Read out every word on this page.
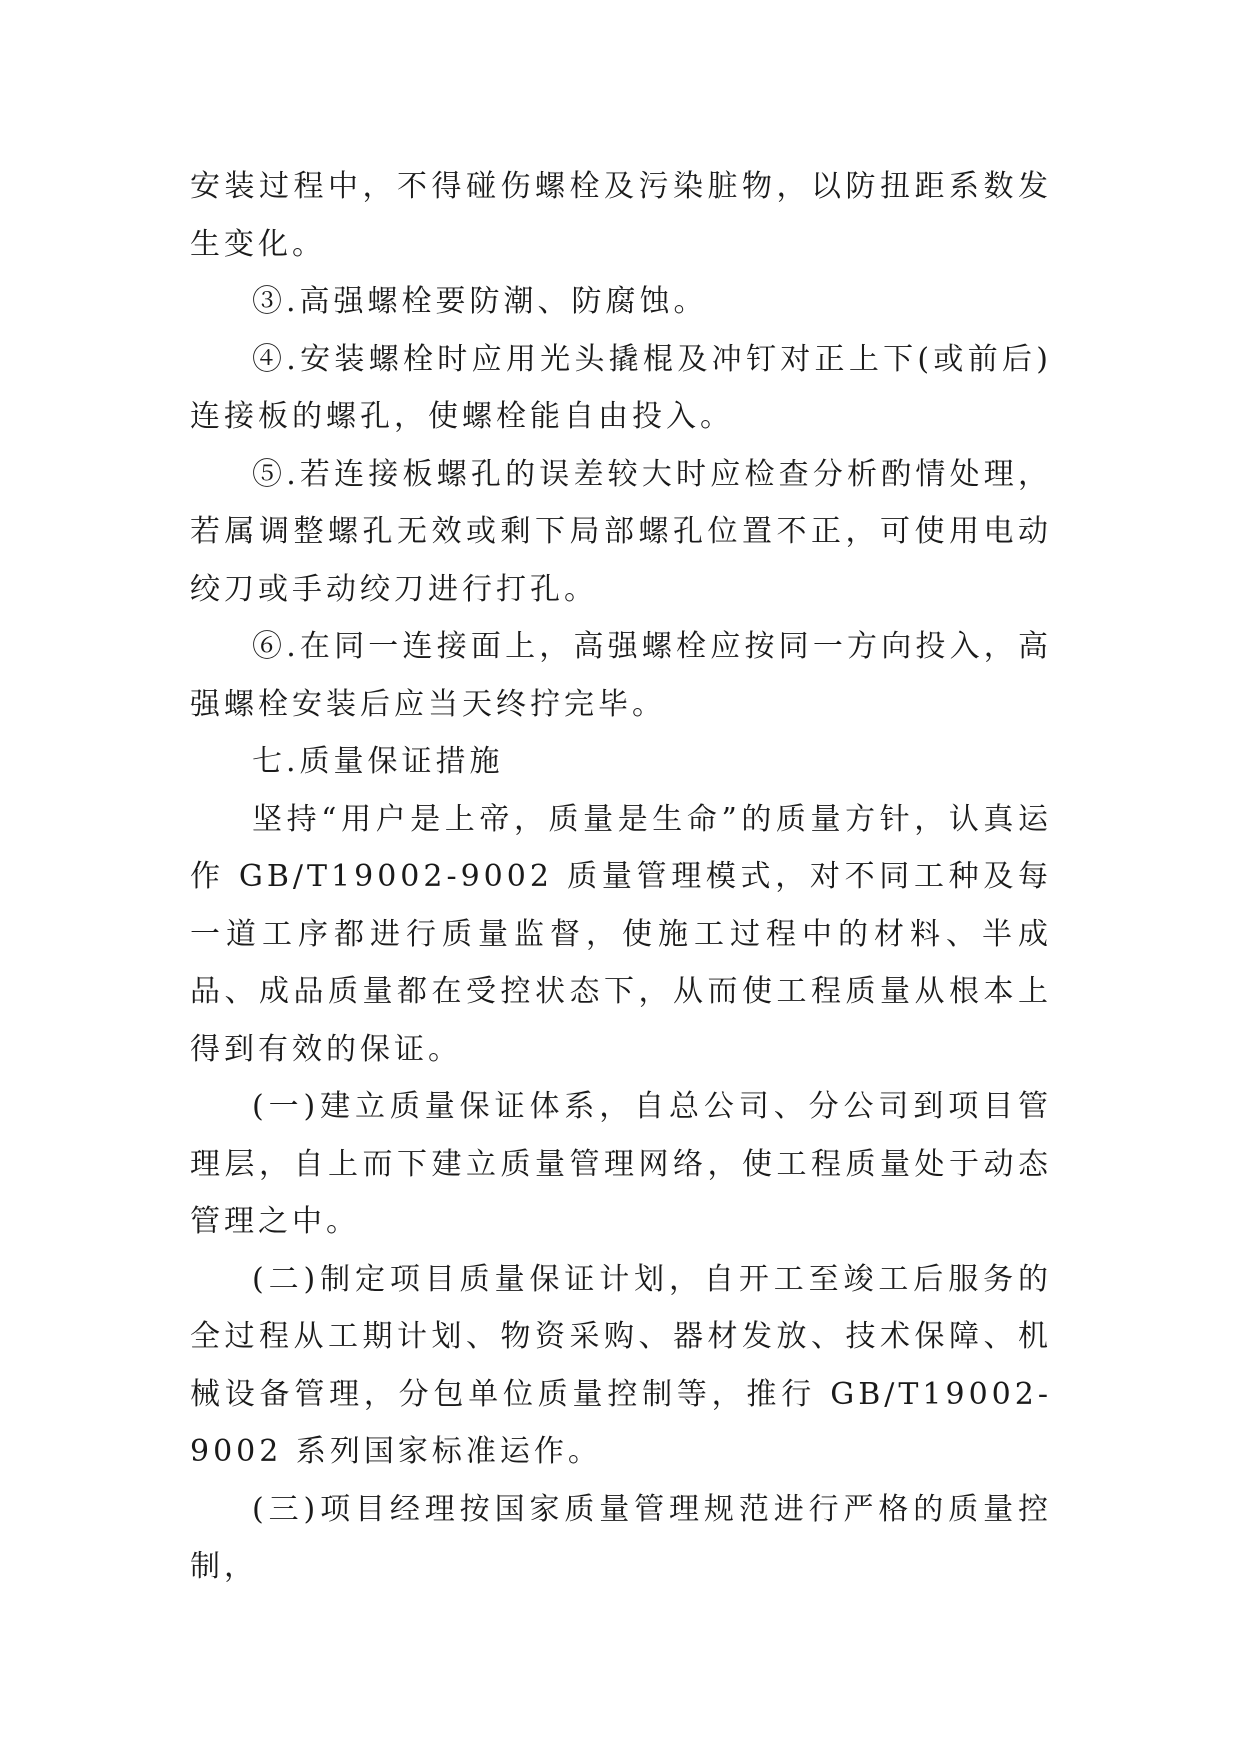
安装过程中，不得碰伤螺栓及污染脏物，以防扭距系数发生变化。

③.高强螺栓要防潮、防腐蚀。

④.安装螺栓时应用光头撬棍及冲钉对正上下(或前后)连接板的螺孔，使螺栓能自由投入。

⑤.若连接板螺孔的误差较大时应检查分析酌情处理，若属调整螺孔无效或剩下局部螺孔位置不正，可使用电动绞刀或手动绞刀进行打孔。

⑥.在同一连接面上，高强螺栓应按同一方向投入，高强螺栓安装后应当天终拧完毕。

七.质量保证措施

坚持“用户是上帝，质量是生命”的质量方针，认真运作 GB/T19002-9002 质量管理模式，对不同工种及每一道工序都进行质量监督，使施工过程中的材料、半成品、成品质量都在受控状态下，从而使工程质量从根本上得到有效的保证。

(一)建立质量保证体系，自总公司、分公司到项目管理层，自上而下建立质量管理网络，使工程质量处于动态管理之中。

(二)制定项目质量保证计划，自开工至竣工后服务的全过程从工期计划、物资采购、器材发放、技术保障、机械设备管理，分包单位质量控制等，推行 GB/T19002-9002 系列国家标准运作。

(三)项目经理按国家质量管理规范进行严格的质量控制，
